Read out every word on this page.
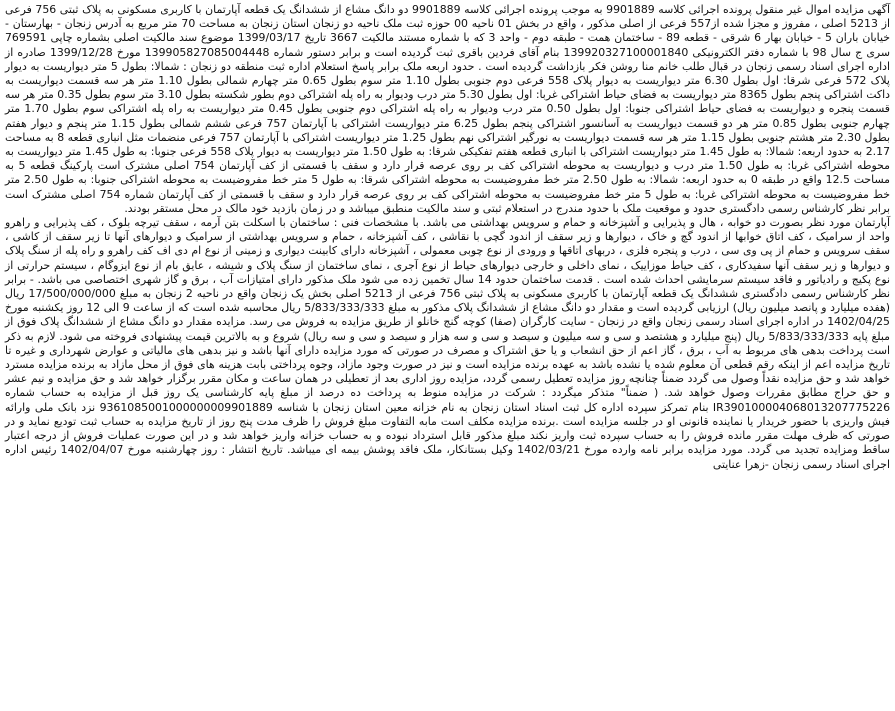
آگهی مزایده اموال غیر منقول پرونده اجرائی کلاسه 9901889 به موجب پرونده اجرائی کلاسه 9901889 دو دانگ مشاع از ششدانگ یک قطعه آپارتمان با کاربری مسکونی به پلاک ثبتی 756 فرعی از 5213 اصلی ، مفروز و مجزا شده از557 فرعی از اصلی مذکور ، واقع در بخش 01 ناحیه 00 حوزه ثبت ملک ناحیه دو زنجان استان زنجان به مساحت 70 متر مربع به آدرس زنجان - بهارستان - خیابان باران 5 - خیابان بهار 6 شرقی - قطعه 89 - ساختمان همت - طبقه دوم - واحد 3 که با شماره مستند مالکیت 3667 تاریخ 1399/03/17 موضوع سند مالکیت اصلی بشماره چاپی 769591 سری ج سال 98 با شماره دفتر الکترونیکی 139920327100001840 بنام آقای فردین باقری ثبت گردیده است و برابر دستور شماره 139905827085004448 مورخ 1399/12/28 صادره از اداره اجرای اسناد رسمی زنجان در قبال طلب خانم منا روشن فکر بازداشت گردیده است . حدود اربعه ملک برابر پاسخ استعلام اداره ثبت منطقه دو زنجان : شمالا: بطول 5 متر دیواریست به دیوار پلاک 572 فرعی شرقا: اول بطول 6.30 متر دیواریست به دیوار پلاک 558 فرعی دوم جنوبی بطول 1.10 متر سوم بطول 0.65 متر چهارم شمالی بطول 1.10 متر هر سه قسمت دیواریست به داکت اشتراکی پنجم بطول 8365 متر دیواریست به فضای حیاط اشتراکی غربا: اول بطول 5.30 متر درب ودیوار به راه پله اشتراکی دوم بطور شکسته بطول 3.10 متر سوم بطول 0.35 متر هر سه قسمت پنجره و دیواریست به فضای حیاط اشتراکی جنوبا: اول بطول 0.50 متر درب ودیوار به راه پله اشتراکی دوم جنوبی بطول 0.45 متر دیواریست به راه پله اشتراکی سوم بطول 1.70 متر چهارم جنوبی بطول 0.85 متر هر دو قسمت دیواریست به آسانسور اشتراکی پنجم بطول 6.25 متر دیواریست اشتراکی با آپارتمان 757 فرعی ششم شمالی بطول 1.15 متر پنجم و دیوار هفتم بطول 2.30 متر هشتم جنوبی بطول 1.15 متر هر سه قسمت دیواریست به نورگیر اشتراکی نهم بطول 1.25 متر دیواریست اشتراکی با آپارتمان 757 فرعی منضمات مثل انباری قطعه 8 به مساحت 2.17 به حدود اربعه: شمالا: به طول 1.45 متر دیواریست اشتراکی با انباری قطعه هفتم تفکیکی شرقا: به طول 1.50 متر دیواریست به دیوار پلاک 558 فرعی جنوبا: به طول 1.45 متر دیواریست به محوطه اشتراکی غربا: به طول 1.50 متر درب و دیواریست به محوطه اشتراکی کف بر روی عرصه قرار دارد و سقف با قسمتی از کف آپارتمان 754 اصلی مشترک است پارکینگ قطعه 5 به مساحت 12.5 واقع در طبقه 0 به حدود اربعه: شمالا: به طول 2.50 متر خط مفروضیست به محوطه اشتراکی شرقا: به طول 5 متر خط مفروضیست به محوطه اشتراکی جنوبا: به طول 2.50 متر خط مفروضیست به محوطه اشتراکی غربا: به طول 5 متر خط مفروضیست به محوطه اشتراکی کف بر روی عرصه قرار دارد و سقف با قسمتی از کف آپارتمان شماره 754 اصلی مشترک است برابر نظر کارشناس رسمی دادگستری حدود و موقعیت ملک با حدود مندرج در استعلام ثبتی و سند مالکیت منطبق میباشد و در زمان بازدید خود مالک در محل مستقر بودند.

آپارتمان مورد نظر بصورت دو خوابه ، هال و پذیرایی و آشپزخانه و حمام و سرویس بهداشتی می باشد. با مشخصات فنی : ساختمان با اسکلت بتن آرمه ، سقف تیرچه بلوک ، کف پذیرایی و راهرو واحد از سرامیک ، کف اتاق خوابها از اندود گچ و خاک ، دیوارها و زیر سقف از اندود گچی با نقاشی ، کف آشپزخانه ، حمام و سرویس بهداشتی از سرامیک و دیوارهای آنها تا زیر سقف از کاشی ، سقف سرویس و حمام از پی وی سی ، درب و پنجره فلزی ، دربهای اتاقها و ورودی از نوع چوبی معمولی ، آشپزخانه دارای کابینت دیواری و زمینی از نوع ام دی اف کف راهرو و راه پله از سنگ پلاک و دیوارها و زیر سقف آنها سفیدکاری ، کف حیاط موزاییک ، نمای داخلی و خارجی دیوارهای حیاط از نوع آجری ، نمای ساختمان از سنگ پلاک و شیشه ، عایق بام از نوع ایزوگام ، سیستم حرارتی از نوع پکیج و رادیاتور و فاقد سیستم سرمایشی احداث شده است . قدمت ساختمان حدود 14 سال تخمین زده می شود ملک مذکور دارای امتیازات آب ، برق و گاز شهری اختصاصی می باشد. - برابر نظر کارشناس رسمی دادگستری ششدانگ یک قطعه آپارتمان با کاربری مسکونی به پلاک ثبتی 756 فرعی از 5213 اصلی بخش یک زنجان واقع در ناحیه 2 زنجان به مبلغ 17/500/000/000 ریال (هفده میلیارد و پانصد میلیون ریال) ارزیابی گردیده است و مقدار دو دانگ مشاع از ششدانگ پلاک مذکور به مبلغ 5/833/333/333 ریال محاسبه شده است که از ساعت 9 الی 12 روز یکشنبه مورخ 1402/04/25 در اداره اجرای اسناد رسمی زنجان واقع در زنجان - سایت کارگران (صفا) کوچه گنج خانلو از طریق مزایده به فروش می رسد. مزایده مقدار دو دانگ مشاع از ششدانگ پلاک فوق از مبلغ پایه 5/833/333/333 ریال (پنج میلیارد و هشتصد و سی و سه میلیون و سیصد و سی و سه هزار و سیصد و سی و سه ریال) شروع و به بالاترین قیمت پیشنهادی فروخته می شود. لازم به ذکر است پرداخت بدهی های مربوط به آب ، برق ، گاز اعم از حق انشعاب و یا حق اشتراک و مصرف در صورتی که مورد مزایده دارای آنها باشد و نیز بدهی های مالیاتی و عوارض شهرداری و غیره تا تاریخ مزایده اعم از اینکه رقم قطعی آن معلوم شده یا نشده باشد به عهده برنده مزایده است و نیز در صورت وجود مازاد، وجوه پرداختی بابت هزینه های فوق از محل مازاد به برنده مزایده مسترد خواهد شد و حق مزایده نقداً وصول می گردد ضمناً چنانچه روز مزایده تعطیل رسمی گردد، مزایده روز اداری بعد از تعطیلی در همان ساعت و مکان مقرر برگزار خواهد شد و حق مزایده و نیم عشر و حق حراج مطابق مقررات وصول خواهد شد. ( ضمناً" متذکر میگردد : شرکت در مزایده منوط به پرداخت ده درصد از مبلغ پایه کارشناسی یک روز قبل از مزایده به حساب شماره IR390100004068013207775226 بنام تمرکز سپرده اداره کل ثبت اسناد استان زنجان به نام خزانه معین استان زنجان با شناسه 9361085001000000009901889 نزد بانک ملی وارائه فیش واریزی با حضور خریدار یا نماینده قانونی او در جلسه مزایده است .برنده مزایده مکلف است مابه التفاوت مبلغ فروش را ظرف مدت پنج روز از تاریخ مزایده به حساب ثبت تودیع نماید و در صورتی که ظرف مهلت مقرر مانده فروش را به حساب سپرده ثبت واریز نکند مبلغ مذکور قابل استرداد نبوده و به حساب خزانه واریز خواهد شد و در این صورت عملیات فروش از درجه اعتبار ساقط ومزایده تجدید می گردد. مورد مزایده برابر نامه وارده مورخ 1402/03/21 وکیل بستانکار، ملک فاقد پوشش بیمه ای میباشد. تاریخ انتشار : روز چهارشنبه مورخ 1402/04/07 رئیس اداره اجرای اسناد رسمی زنجان -زهرا عنایتی
